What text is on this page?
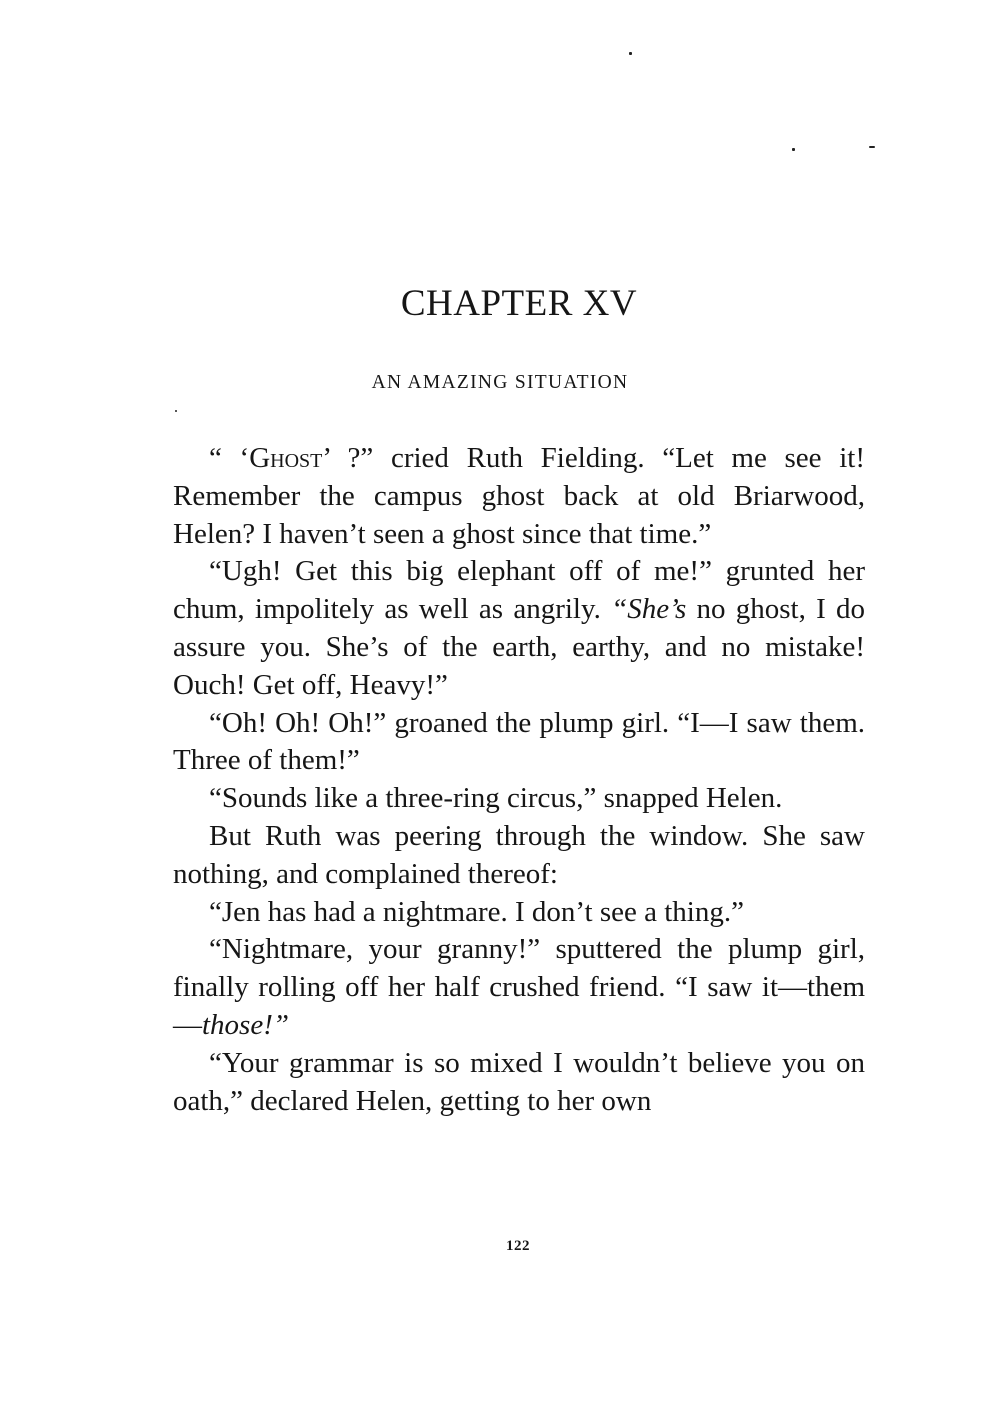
CHAPTER XV
AN AMAZING SITUATION

“ ‘Ghost’ ?” cried Ruth Fielding. “Let me see it! Remember the campus ghost back at old Briarwood, Helen? I haven’t seen a ghost since that time.”

“Ugh! Get this big elephant off of me!” grunted her chum, impolitely as well as angrily. “She’s no ghost, I do assure you. She’s of the earth, earthy, and no mistake! Ouch! Get off, Heavy!”

“Oh! Oh! Oh!” groaned the plump girl. “I—I saw them. Three of them!”

“Sounds like a three-ring circus,” snapped Helen.

But Ruth was peering through the window. She saw nothing, and complained thereof:

“Jen has had a nightmare. I don’t see a thing.”

“Nightmare, your granny!” sputtered the plump girl, finally rolling off her half crushed friend. “I saw it—them—those!”

“Your grammar is so mixed I wouldn’t believe you on oath,” declared Helen, getting to her own

122
